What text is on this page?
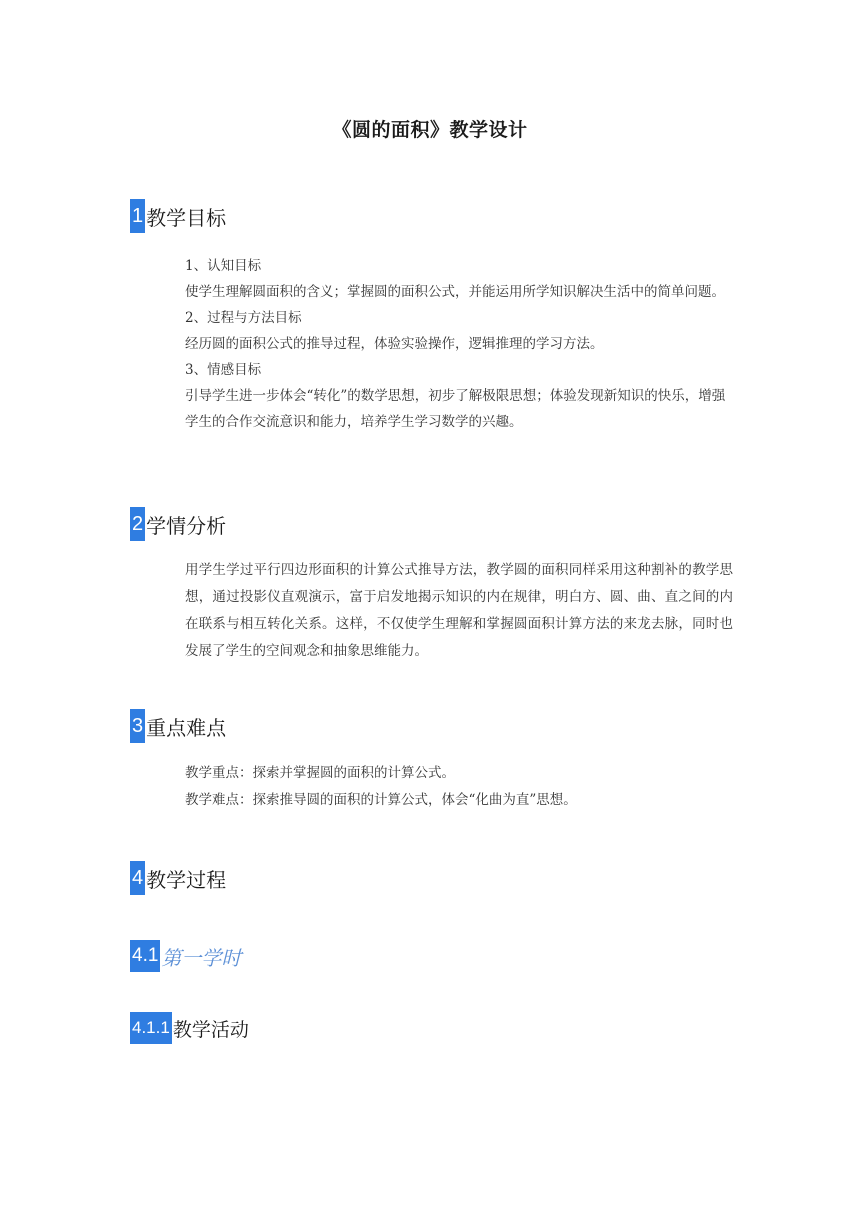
《圆的面积》教学设计
1 教学目标

1、认知目标

使学生理解圆面积的含义；掌握圆的面积公式，并能运用所学知识解决生活中的简单问题。

2、过程与方法目标

经历圆的面积公式的推导过程，体验实验操作，逻辑推理的学习方法。

3、情感目标

引导学生进一步体会“转化”的数学思想，初步了解极限思想；体验发现新知识的快乐，增强学生的合作交流意识和能力，培养学生学习数学的兴趣。

2 学情分析

用学生学过平行四边形面积的计算公式推导方法，教学圆的面积同样采用这种割补的教学思想，通过投影仪直观演示，富于启发地揭示知识的内在规律，明白方、圆、曲、直之间的内在联系与相互转化关系。这样，不仅使学生理解和掌握圆面积计算方法的来龙去脉，同时也发展了学生的空间观念和抽象思维能力。

3 重点难点

教学重点：探索并掌握圆的面积的计算公式。

教学难点：探索推导圆的面积的计算公式，体会“化曲为直”思想。

4 教学过程
4.1 第一学时
4.1.1 教学活动
